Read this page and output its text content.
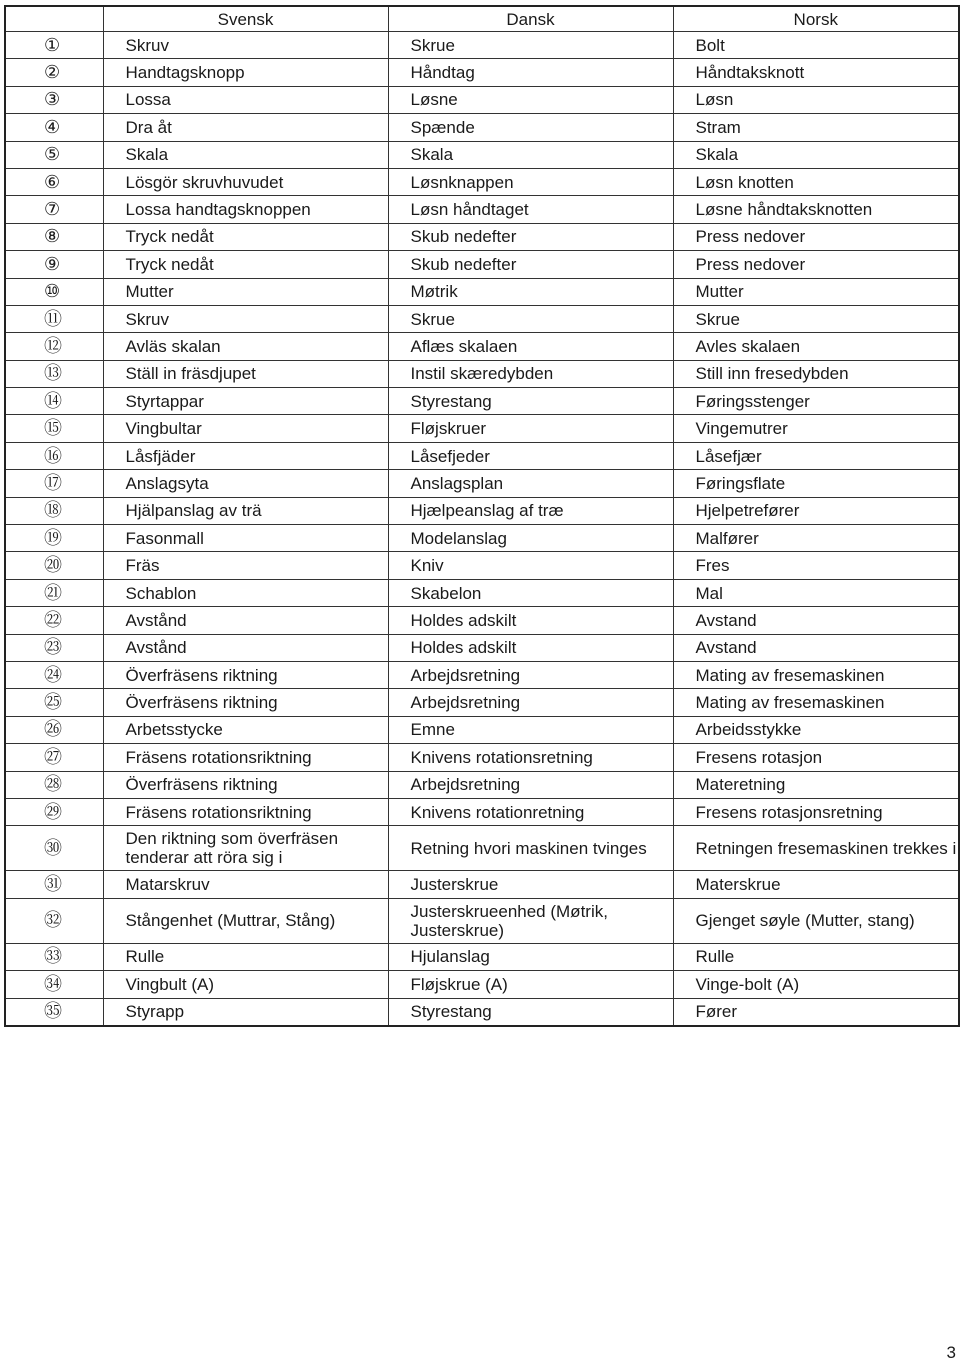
	Svensk	Dansk	Norsk
①	Skruv	Skrue	Bolt
②	Handtagsknopp	Håndtag	Håndtaksknott
③	Lossa	Løsne	Løsn
④	Dra åt	Spænde	Stram
⑤	Skala	Skala	Skala
⑥	Lösgör skruvhuvudet	Løsnknappen	Løsn knotten
⑦	Lossa handtagsknoppen	Løsn håndtaget	Løsne håndtaksknotten
⑧	Tryck nedåt	Skub nedefter	Press nedover
⑨	Tryck nedåt	Skub nedefter	Press nedover
⑩	Mutter	Møtrik	Mutter
⑪	Skruv	Skrue	Skrue
⑫	Avläs skalan	Aflæs skalaen	Avles skalaen
⑬	Ställ in fräsdjupet	Instil skæredybden	Still inn fresedybden
⑭	Styrtappar	Styrestang	Føringsstenger
⑮	Vingbultar	Fløjskruer	Vingemutrer
⑯	Låsfjäder	Låsefjeder	Låsefjær
⑰	Anslagsyta	Anslagsplan	Føringsflate
⑱	Hjälpanslag av trä	Hjælpeanslag af træ	Hjelpetrefører
⑲	Fasonmall	Modelanslag	Malfører
⑳	Fräs	Kniv	Fres
㉑	Schablon	Skabelon	Mal
㉒	Avstånd	Holdes adskilt	Avstand
㉓	Avstånd	Holdes adskilt	Avstand
㉔	Överfräsens riktning	Arbejdsretning	Mating av fresemaskinen
㉕	Överfräsens riktning	Arbejdsretning	Mating av fresemaskinen
㉖	Arbetsstycke	Emne	Arbeidsstykke
㉗	Fräsens rotationsriktning	Knivens rotationsretning	Fresens rotasjon
㉘	Överfräsens riktning	Arbejdsretning	Materetning
㉙	Fräsens rotationsriktning	Knivens rotationretning	Fresens rotasjonsretning
㉚	Den riktning som överfräsen tenderar att röra sig i	Retning hvori maskinen tvinges	Retningen fresemaskinen trekkes i
㉛	Matarskruv	Justerskrue	Materskrue
㉜	Stångenhet (Muttrar, Stång)	Justerskrueenhed (Møtrik, Justerskrue)	Gjenget søyle (Mutter, stang)
㉝	Rulle	Hjulanslag	Rulle
㉞	Vingbult (A)	Fløjskrue (A)	Vinge-bolt (A)
㉟	Styrapp	Styrestang	Fører
3
